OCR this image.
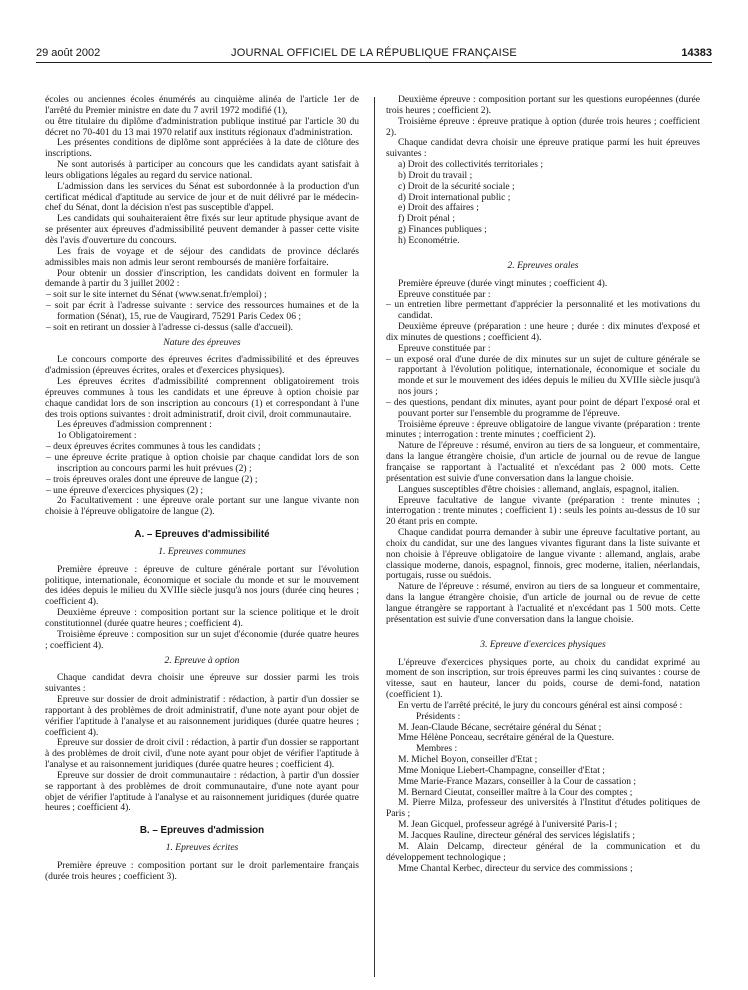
29 août 2002	JOURNAL OFFICIEL DE LA RÉPUBLIQUE FRANÇAISE	14383

écoles ou anciennes écoles énumérés au cinquième alinéa de l'article 1er de l'arrêté du Premier ministre en date du 7 avril 1972 modifié (1),

ou être titulaire du diplôme d'administration publique institué par l'article 30 du décret no 70-401 du 13 mai 1970 relatif aux instituts régionaux d'administration.

Les présentes conditions de diplôme sont appréciées à la date de clôture des inscriptions.

Ne sont autorisés à participer au concours que les candidats ayant satisfait à leurs obligations légales au regard du service national.

L'admission dans les services du Sénat est subordonnée à la production d'un certificat médical d'aptitude au service de jour et de nuit délivré par le médecin-chef du Sénat, dont la décision n'est pas susceptible d'appel.

Les candidats qui souhaiteraient être fixés sur leur aptitude physique avant de se présenter aux épreuves d'admissibilité peuvent demander à passer cette visite dès l'avis d'ouverture du concours.

Les frais de voyage et de séjour des candidats de province déclarés admissibles mais non admis leur seront remboursés de manière forfaitaire.

Pour obtenir un dossier d'inscription, les candidats doivent en formuler la demande à partir du 3 juillet 2002 :

– soit sur le site internet du Sénat (www.senat.fr/emploi) ;

– soit par écrit à l'adresse suivante : service des ressources humaines et de la formation (Sénat), 15, rue de Vaugirard, 75291 Paris Cedex 06 ;

– soit en retirant un dossier à l'adresse ci-dessus (salle d'accueil).

Nature des épreuves

Le concours comporte des épreuves écrites d'admissibilité et des épreuves d'admission (épreuves écrites, orales et d'exercices physiques).

Les épreuves écrites d'admissibilité comprennent obligatoirement trois épreuves communes à tous les candidats et une épreuve à option choisie par chaque candidat lors de son inscription au concours (1) et correspondant à l'une des trois options suivantes : droit administratif, droit civil, droit communautaire.

Les épreuves d'admission comprennent :

1o Obligatoirement :

– deux épreuves écrites communes à tous les candidats ;

– une épreuve écrite pratique à option choisie par chaque candidat lors de son inscription au concours parmi les huit prévues (2) ;

– trois épreuves orales dont une épreuve de langue (2) ;

– une épreuve d'exercices physiques (2) ;

2o Facultativement : une épreuve orale portant sur une langue vivante non choisie à l'épreuve obligatoire de langue (2).

A. – Epreuves d'admissibilité

1. Epreuves communes

Première épreuve : épreuve de culture générale portant sur l'évolution politique, internationale, économique et sociale du monde et sur le mouvement des idées depuis le milieu du XVIIIe siècle jusqu'à nos jours (durée cinq heures ; coefficient 4).

Deuxième épreuve : composition portant sur la science politique et le droit constitutionnel (durée quatre heures ; coefficient 4).

Troisième épreuve : composition sur un sujet d'économie (durée quatre heures ; coefficient 4).

2. Epreuve à option

Chaque candidat devra choisir une épreuve sur dossier parmi les trois suivantes :

Epreuve sur dossier de droit administratif : rédaction, à partir d'un dossier se rapportant à des problèmes de droit administratif, d'une note ayant pour objet de vérifier l'aptitude à l'analyse et au raisonnement juridiques (durée quatre heures ; coefficient 4).

Epreuve sur dossier de droit civil : rédaction, à partir d'un dossier se rapportant à des problèmes de droit civil, d'une note ayant pour objet de vérifier l'aptitude à l'analyse et au raisonnement juridiques (durée quatre heures ; coefficient 4).

Epreuve sur dossier de droit communautaire : rédaction, à partir d'un dossier se rapportant à des problèmes de droit communautaire, d'une note ayant pour objet de vérifier l'aptitude à l'analyse et au raisonnement juridiques (durée quatre heures ; coefficient 4).

B. – Epreuves d'admission

1. Epreuves écrites

Première épreuve : composition portant sur le droit parlementaire français (durée trois heures ; coefficient 3).

Deuxième épreuve : composition portant sur les questions européennes (durée trois heures ; coefficient 2).

Troisième épreuve : épreuve pratique à option (durée trois heures ; coefficient 2).

Chaque candidat devra choisir une épreuve pratique parmi les huit épreuves suivantes :

a) Droit des collectivités territoriales ;

b) Droit du travail ;

c) Droit de la sécurité sociale ;

d) Droit international public ;

e) Droit des affaires ;

f) Droit pénal ;

g) Finances publiques ;

h) Econométrie.

2. Epreuves orales

Première épreuve (durée vingt minutes ; coefficient 4).

Epreuve constituée par :

– un entretien libre permettant d'apprécier la personnalité et les motivations du candidat.

Deuxième épreuve (préparation : une heure ; durée : dix minutes d'exposé et dix minutes de questions ; coefficient 4).

Epreuve constituée par :

– un exposé oral d'une durée de dix minutes sur un sujet de culture générale se rapportant à l'évolution politique, internationale, économique et sociale du monde et sur le mouvement des idées depuis le milieu du XVIIIe siècle jusqu'à nos jours ;

– des questions, pendant dix minutes, ayant pour point de départ l'exposé oral et pouvant porter sur l'ensemble du programme de l'épreuve.

Troisième épreuve : épreuve obligatoire de langue vivante (préparation : trente minutes ; interrogation : trente minutes ; coefficient 2).

Nature de l'épreuve : résumé, environ au tiers de sa longueur, et commentaire, dans la langue étrangère choisie, d'un article de journal ou de revue de langue française se rapportant à l'actualité et n'excédant pas 2 000 mots. Cette présentation est suivie d'une conversation dans la langue choisie.

Langues susceptibles d'être choisies : allemand, anglais, espagnol, italien.

Epreuve facultative de langue vivante (préparation : trente minutes ; interrogation : trente minutes ; coefficient 1) : seuls les points au-dessus de 10 sur 20 étant pris en compte.

Chaque candidat pourra demander à subir une épreuve facultative portant, au choix du candidat, sur une des langues vivantes figurant dans la liste suivante et non choisie à l'épreuve obligatoire de langue vivante : allemand, anglais, arabe classique moderne, danois, espagnol, finnois, grec moderne, italien, néerlandais, portugais, russe ou suédois.

Nature de l'épreuve : résumé, environ au tiers de sa longueur et commentaire, dans la langue étrangère choisie, d'un article de journal ou de revue de cette langue étrangère se rapportant à l'actualité et n'excédant pas 1 500 mots. Cette présentation est suivie d'une conversation dans la langue choisie.

3. Epreuve d'exercices physiques

L'épreuve d'exercices physiques porte, au choix du candidat exprimé au moment de son inscription, sur trois épreuves parmi les cinq suivantes : course de vitesse, saut en hauteur, lancer du poids, course de demi-fond, natation (coefficient 1).

En vertu de l'arrêté précité, le jury du concours général est ainsi composé :

Présidents :

M. Jean-Claude Bécane, secrétaire général du Sénat ;

Mme Hélène Ponceau, secrétaire général de la Questure.

Membres :

M. Michel Boyon, conseiller d'Etat ;

Mme Monique Liebert-Champagne, conseiller d'Etat ;

Mme Marie-France Mazars, conseiller à la Cour de cassation ;

M. Bernard Cieutat, conseiller maître à la Cour des comptes ;

M. Pierre Milza, professeur des universités à l'Institut d'études politiques de Paris ;

M. Jean Gicquel, professeur agrégé à l'université Paris-I ;

M. Jacques Rauline, directeur général des services législatifs ;

M. Alain Delcamp, directeur général de la communication et du développement technologique ;

Mme Chantal Kerbec, directeur du service des commissions ;
